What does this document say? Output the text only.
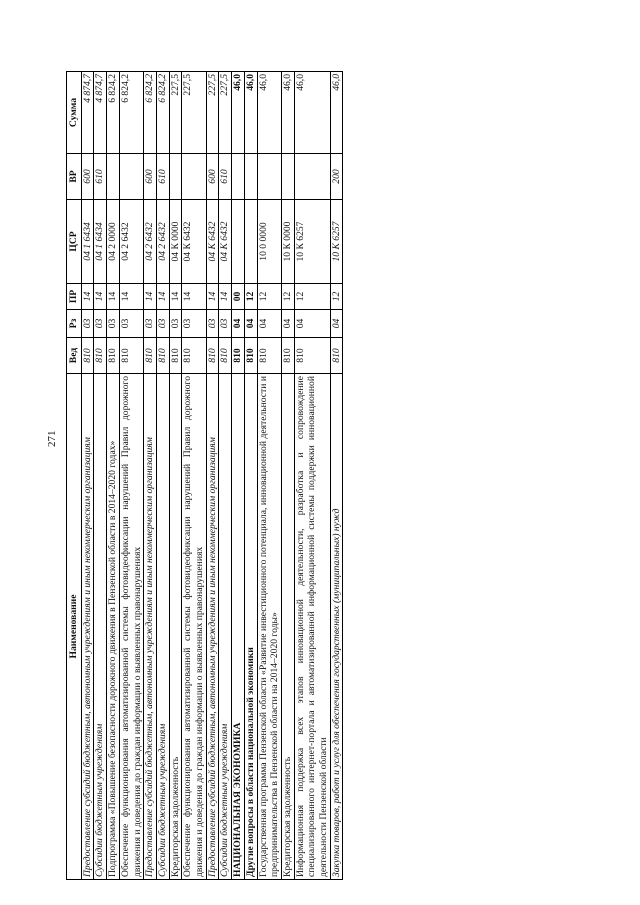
271
Наименование	Вед	Рз	ПР	ЦСР	ВР	Сумма
Предоставление субсидий бюджетным, автономным учреждениям и иным некоммерческим организациям	810	03	14	04 1 6434	600	4 874,7
Субсидии бюджетным учреждениям	810	03	14	04 1 6434	610	4 874,7
Подпрограмма «Повышение безопасности дорожного движения в Пензенской области в 2014–2020 годах»	810	03	14	04 2 0000		6 824,2
Обеспечение функционирования автоматизированной системы фотовидеофиксации нарушений Правил дорожного движения и доведения до граждан информации о выявленных правонарушениях	810	03	14	04 2 6432		6 824,2
Предоставление субсидий бюджетным, автономным учреждениям и иным некоммерческим организациям	810	03	14	04 2 6432	600	6 824,2
Субсидии бюджетным учреждениям	810	03	14	04 2 6432	610	6 824,2
Кредиторская задолженность	810	03	14	04 К 0000		227,5
Обеспечение функционирования автоматизированной системы фотовидеофиксации нарушений Правил дорожного движения и доведения до граждан информации о выявленных правонарушениях	810	03	14	04 К 6432		227,5
Предоставление субсидий бюджетным, автономным учреждениям и иным некоммерческим организациям	810	03	14	04 К 6432	600	227,5
Субсидии бюджетным учреждениям	810	03	14	04 К 6432	610	227,5
НАЦИОНАЛЬНАЯ ЭКОНОМИКА	810	04	00			46,0
Другие вопросы в области национальной экономики	810	04	12			46,0
Государственная программа Пензенской области «Развитие инвестиционного потенциала, инновационной деятельности и предпринимательства в Пензенской области на 2014–2020 годы»	810	04	12	10 0 0000		46,0
Кредиторская задолженность	810	04	12	10 К 0000		46,0
Информационная поддержка всех этапов инновационной деятельности, разработка и сопровождение специализированного интернет-портала и автоматизированной информационной системы поддержки инновационной деятельности Пензенской области	810	04	12	10 К 6257		46,0
Закупка товаров, работ и услуг для обеспечения государственных (муниципальных) нужд	810	04	12	10 К 6257	200	46,0
